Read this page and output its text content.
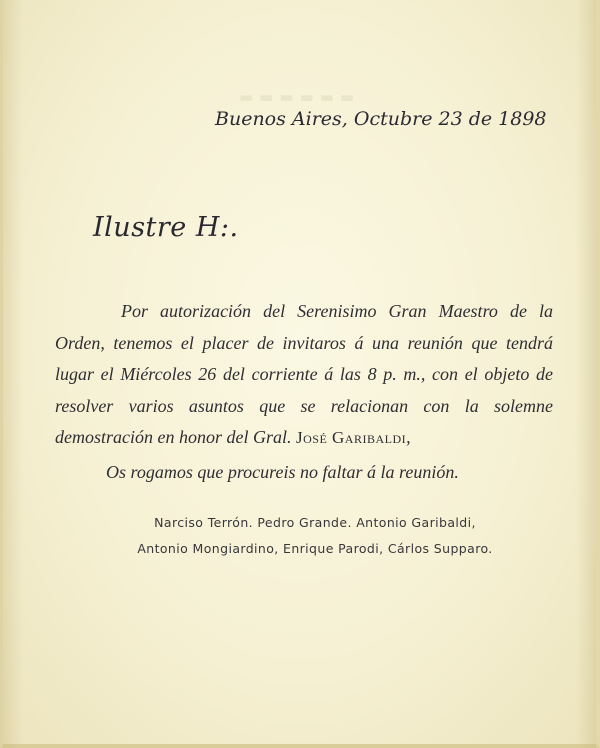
▬▬▬▬▬▬
Buenos Aires, Octubre 23 de 1898
Ilustre H:.
Por autorización del Serenisimo Gran Maestro de la Orden, tenemos el placer de invitaros á una reunión que tendrá lugar el Miércoles 26 del corriente á las 8 p. m., con el objeto de resolver varios asuntos que se relacionan con la solemne demostración en honor del Gral. José Garibaldi,
Os rogamos que procureis no faltar á la reunión.
Narciso Terrón. Pedro Grande. Antonio Garibaldi,
Antonio Mongiardino, Enrique Parodi, Cárlos Supparo.
